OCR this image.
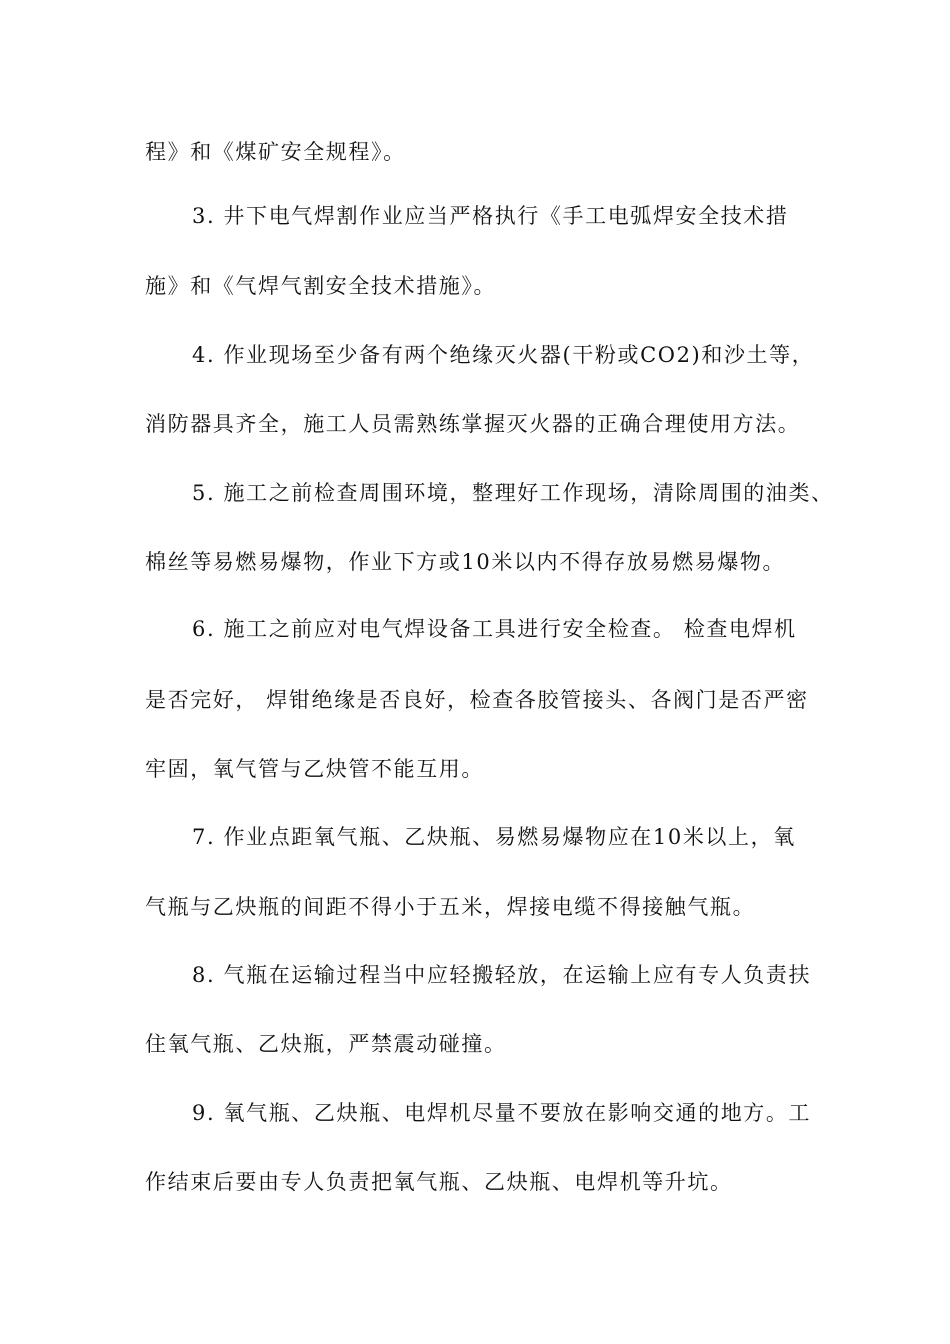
程》和《煤矿安全规程》。
3. 井下电气焊割作业应当严格执行《手工电弧焊安全技术措
施》和《气焊气割安全技术措施》。
4. 作业现场至少备有两个绝缘灭火器(干粉或CO2)和沙土等，
消防器具齐全，施工人员需熟练掌握灭火器的正确合理使用方法。
5. 施工之前检查周围环境，整理好工作现场，清除周围的油类、
棉丝等易燃易爆物，作业下方或10米以内不得存放易燃易爆物。
6. 施工之前应对电气焊设备工具进行安全检查。 检查电焊机
是否完好， 焊钳绝缘是否良好，检查各胶管接头、各阀门是否严密
牢固，氧气管与乙炔管不能互用。
7. 作业点距氧气瓶、乙炔瓶、易燃易爆物应在10米以上，氧
气瓶与乙炔瓶的间距不得小于五米，焊接电缆不得接触气瓶。
8. 气瓶在运输过程当中应轻搬轻放，在运输上应有专人负责扶
住氧气瓶、乙炔瓶，严禁震动碰撞。
9. 氧气瓶、乙炔瓶、电焊机尽量不要放在影响交通的地方。工
作结束后要由专人负责把氧气瓶、乙炔瓶、电焊机等升坑。
